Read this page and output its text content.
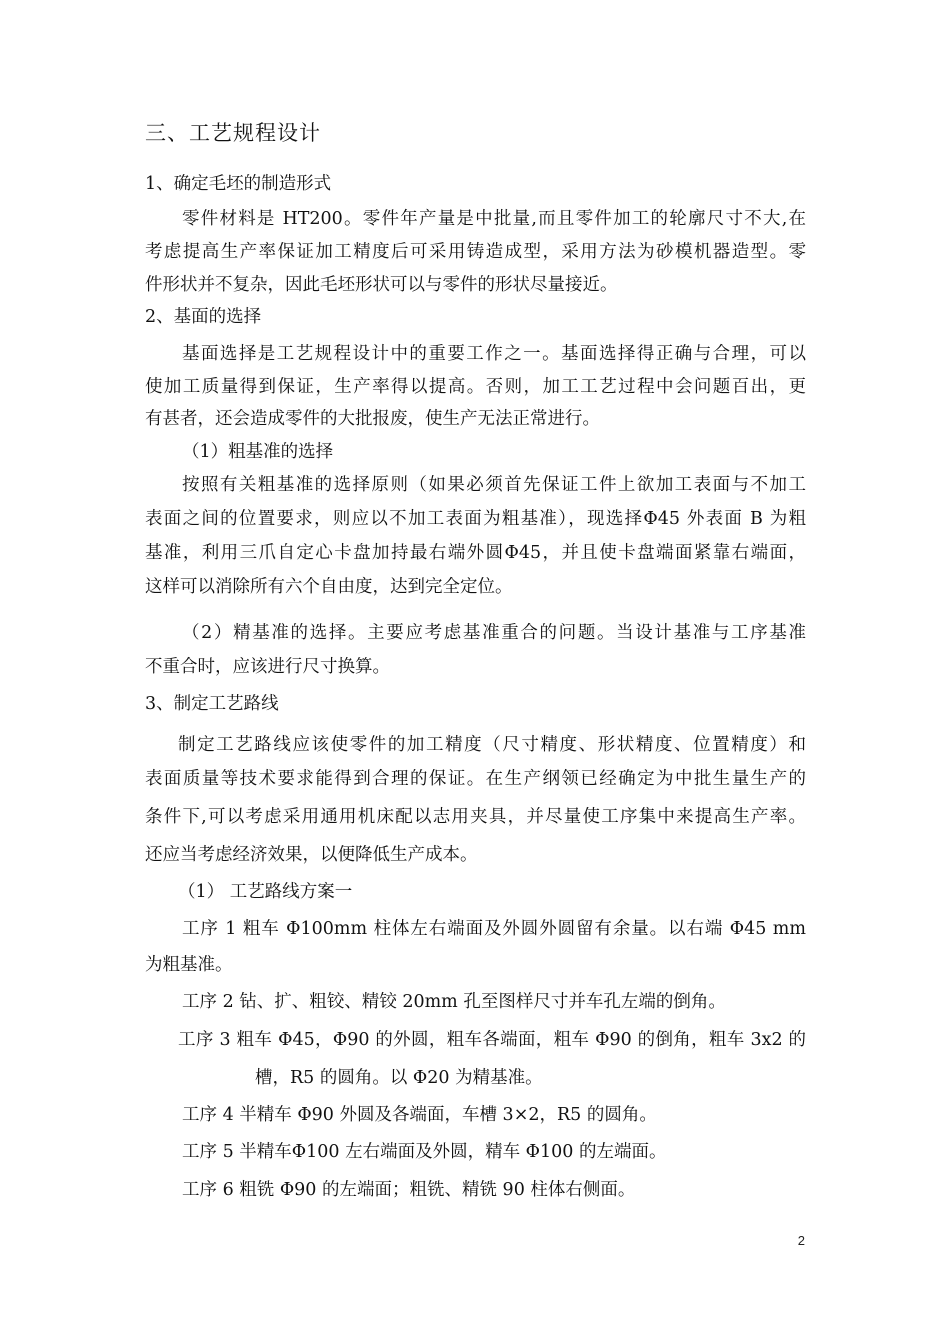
三、工艺规程设计
1、确定毛坯的制造形式
零件材料是 HT200。零件年产量是中批量,而且零件加工的轮廓尺寸不大,在
考虑提高生产率保证加工精度后可采用铸造成型，采用方法为砂模机器造型。零
件形状并不复杂，因此毛坯形状可以与零件的形状尽量接近。
2、基面的选择
基面选择是工艺规程设计中的重要工作之一。基面选择得正确与合理，可以
使加工质量得到保证，生产率得以提高。否则，加工工艺过程中会问题百出，更
有甚者，还会造成零件的大批报废，使生产无法正常进行。
（1）粗基准的选择
按照有关粗基准的选择原则（如果必须首先保证工件上欲加工表面与不加工
表面之间的位置要求，则应以不加工表面为粗基准），现选择Φ45 外表面 B 为粗
基准，利用三爪自定心卡盘加持最右端外圆Φ45，并且使卡盘端面紧靠右端面，
这样可以消除所有六个自由度，达到完全定位。
（2）精基准的选择。主要应考虑基准重合的问题。当设计基准与工序基准
不重合时，应该进行尺寸换算。
3、制定工艺路线
制定工艺路线应该使零件的加工精度（尺寸精度、形状精度、位置精度）和
表面质量等技术要求能得到合理的保证。在生产纲领已经确定为中批生量生产的
条件下,可以考虑采用通用机床配以志用夹具，并尽量使工序集中来提高生产率。
还应当考虑经济效果，以便降低生产成本。
（1） 工艺路线方案一
工序 1 粗车 Φ100mm 柱体左右端面及外圆外圆留有余量。以右端 Φ45 mm
为粗基准。
工序 2 钻、扩、粗铰、精铰 20mm 孔至图样尺寸并车孔左端的倒角。
工序 3 粗车 Φ45，Φ90 的外圆，粗车各端面，粗车 Φ90 的倒角，粗车 3x2 的
槽，R5 的圆角。以 Φ20 为精基准。
工序 4 半精车 Φ90 外圆及各端面，车槽 3×2，R5 的圆角。
工序 5 半精车Φ100 左右端面及外圆，精车 Φ100 的左端面。
工序 6 粗铣 Φ90 的左端面；粗铣、精铣 90 柱体右侧面。
2
